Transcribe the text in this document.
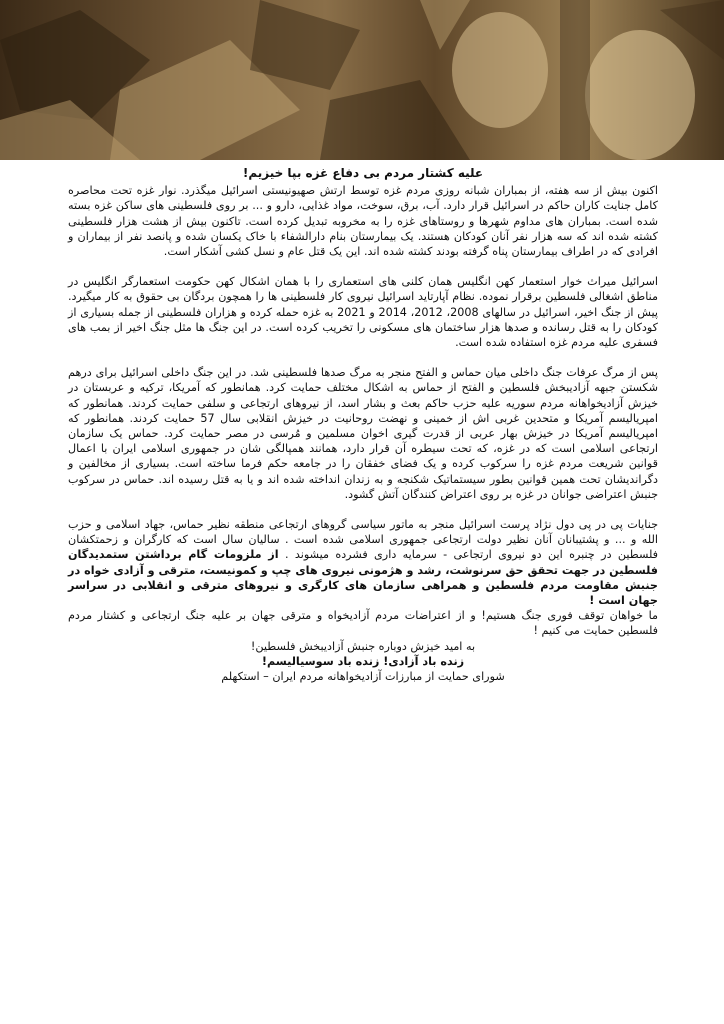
علیه کشتار مردم بی دفاع غزه بپا خیزیم!
اکنون بیش از سه هفته، از بمباران شبانه روزی مردم غزه توسط ارتش صهیونیستی اسرائیل میگذرد. نوار غزه تحت محاصره کامل جنایت کاران حاکم در اسرائیل قرار دارد. آب، برق، سوخت، مواد غذایی، دارو و ... بر روی فلسطینی های ساکن غزه بسته شده است. بمباران های مداوم شهرها و روستاهای غزه را به مخروبه تبدیل کرده است. تاکنون بیش از هشت هزار فلسطینی کشته شده اند که سه هزار نفر آنان کودکان هستند. یک بیمارستان بنام دارالشفاء با خاک یکسان شده و پانصد نفر از بیماران و افرادی که در اطراف بیمارستان پناه گرفته بودند کشته شده اند. این یک قتل عام و نسل کشی آشکار است.
اسرائیل میراث خوار استعمار کهن انگلیس همان کلنی های استعماری را با همان اشکال کهن حکومت استعمارگر انگلیس در مناطق اشغالی فلسطین برقرار نموده. نظام آپارتاید اسرائیل نیروی کار فلسطینی ها را همچون بردگان بی حقوق به کار میگیرد. پیش از جنگ اخیر، اسرائیل در سالهای 2008، 2012، 2014 و 2021 به غزه حمله کرده و هزاران فلسطینی از جمله بسیاری از کودکان را به قتل رسانده و صدها هزار ساختمان های مسکونی را تخریب کرده است. در این جنگ ها مثل جنگ اخیر از بمب های فسفری علیه مردم غزه استفاده شده است.
پس از مرگ عرفات جنگ داخلی میان حماس و الفتح منجر به مرگ صدها فلسطینی شد. در این جنگ داخلی اسرائیل برای درهم شکستن جبهه آزادیبخش فلسطین و الفتح از حماس به اشکال مختلف حمایت کرد. همانطور که آمریکا، ترکیه و عربستان در خیزش آزادیخواهانه مردم سوریه علیه حزب حاکم بعث و بشار اسد، از نیروهای ارتجاعی و سلفی حمایت کردند. همانطور که امپریالیسم آمریکا و متحدین غربی اش از خمینی و نهضت روحانیت در خیزش انقلابی سال 57 حمایت کردند. همانطور که امپریالیسم آمریکا در خیزش بهار عربی از قدرت گیری اخوان مسلمین و مُرسی در مصر حمایت کرد. حماس یک سازمان ارتجاعی اسلامی است که در غزه، که تحت سیطره آن قرار دارد، همانند همپالگی شان در جمهوری اسلامی ایران با اعمال قوانین شریعت مردم غزه را سرکوب کرده و یک فضای خفقان را در جامعه حکم فرما ساخته است. بسیاری از مخالفین و دگراندیشان تحت همین قوانین بطور سیستماتیک شکنجه و به زندان انداخته شده اند و یا به قتل رسیده اند. حماس در سرکوب جنبش اعتراضی جوانان در غزه بر روی اعتراض کنندگان آتش گشود.
جنایات پی در پی دول نژاد پرست اسرائیل منجر به ماتور سیاسی گروهای ارتجاعی منطقه نظیر حماس، جهاد اسلامی و حزب الله و ... و پشتیبانان آنان نظیر دولت ارتجاعی جمهوری اسلامی شده است . سالیان سال است که کارگران و زحمتکشان فلسطین در چنبره این دو نیروی ارتجاعی - سرمایه داری فشرده میشوند . از ملزومات گام برداشتن ستمدیدگان فلسطین در جهت تحقق حق سرنوشت، رشد و هژمونی نیروی های چپ و کمونیست، مترقی و آزادی خواه در جنبش مقاومت مردم فلسطین و همراهی سازمان های کارگری و نیروهای مترقی و انقلابی در سراسر جهان است !
ما خواهان توقف فوری جنگ هستیم! و از اعتراضات مردم آزادیخواه و مترقی جهان بر علیه جنگ ارتجاعی و کشتار مردم فلسطین حمایت می کنیم !
به امید خیزش دوباره جنبش آزادیبخش فلسطین!
زنده باد آزادی! زنده باد سوسیالیسم!
شورای حمایت از مبارزات آزادیخواهانه مردم ایران – استکهلم
